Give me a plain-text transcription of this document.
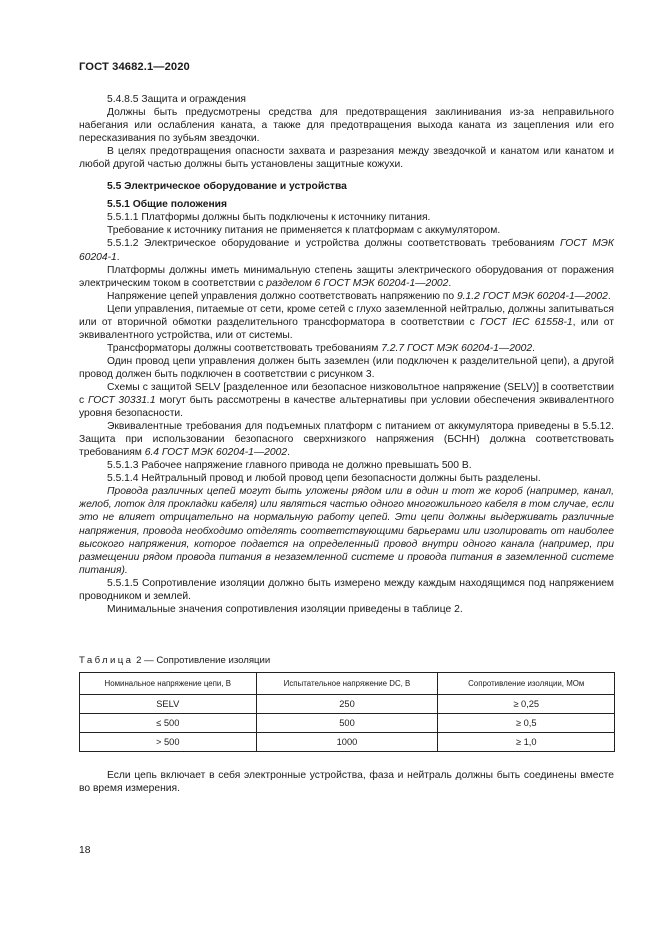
ГОСТ 34682.1—2020

5.4.8.5 Защита и ограждения

Должны быть предусмотрены средства для предотвращения заклинивания из-за неправильного набегания или ослабления каната, а также для предотвращения выхода каната из зацепления или его пересказивания по зубьям звездочки.

В целях предотвращения опасности захвата и разрезания между звездочкой и канатом или канатом и любой другой частью должны быть установлены защитные кожухи.

5.5 Электрическое оборудование и устройства

5.5.1 Общие положения

5.5.1.1 Платформы должны быть подключены к источнику питания.

Требование к источнику питания не применяется к платформам с аккумулятором.

5.5.1.2 Электрическое оборудование и устройства должны соответствовать требованиям ГОСТ МЭК 60204-1.

Платформы должны иметь минимальную степень защиты электрического оборудования от поражения электрическим током в соответствии с разделом 6 ГОСТ МЭК 60204-1—2002.

Напряжение цепей управления должно соответствовать напряжению по 9.1.2 ГОСТ МЭК 60204-1—2002.

Цепи управления, питаемые от сети, кроме сетей с глухо заземленной нейтралью, должны запитываться или от вторичной обмотки разделительного трансформатора в соответствии с ГОСТ IEC 61558-1, или от эквивалентного устройства, или от системы.

Трансформаторы должны соответствовать требованиям 7.2.7 ГОСТ МЭК 60204-1—2002.

Один провод цепи управления должен быть заземлен (или подключен к разделительной цепи), а другой провод должен быть подключен в соответствии с рисунком 3.

Схемы с защитой SELV [разделенное или безопасное низковольтное напряжение (SELV)] в соответствии с ГОСТ 30331.1 могут быть рассмотрены в качестве альтернативы при условии обеспечения эквивалентного уровня безопасности.

Эквивалентные требования для подъемных платформ с питанием от аккумулятора приведены в 5.5.12. Защита при использовании безопасного сверхнизкого напряжения (БСНН) должна соответствовать требованиям 6.4 ГОСТ МЭК 60204-1—2002.

5.5.1.3 Рабочее напряжение главного привода не должно превышать 500 В.

5.5.1.4 Нейтральный провод и любой провод цепи безопасности должны быть разделены.

Провода различных цепей могут быть уложены рядом или в один и тот же короб (например, канал, желоб, лоток для прокладки кабеля) или являться частью одного многожильного кабеля в том случае, если это не влияет отрицательно на нормальную работу цепей. Эти цепи должны выдерживать различные напряжения, провода необходимо отделять соответствующими барьерами или изолировать от наиболее высокого напряжения, которое подается на определенный провод внутри одного канала (например, при размещении рядом провода питания в незаземленной системе и провода питания в заземленной системе питания).

5.5.1.5 Сопротивление изоляции должно быть измерено между каждым находящимся под напряжением проводником и землей.

Минимальные значения сопротивления изоляции приведены в таблице 2.

Таблица 2 — Сопротивление изоляции
Номинальное напряжение цепи, В	Испытательное напряжение DC, В	Сопротивление изоляции, МОм
SELV	250	≥ 0,25
≤ 500	500	≥ 0,5
> 500	1000	≥ 1,0

Если цепь включает в себя электронные устройства, фаза и нейтраль должны быть соединены вместе во время измерения.

18
